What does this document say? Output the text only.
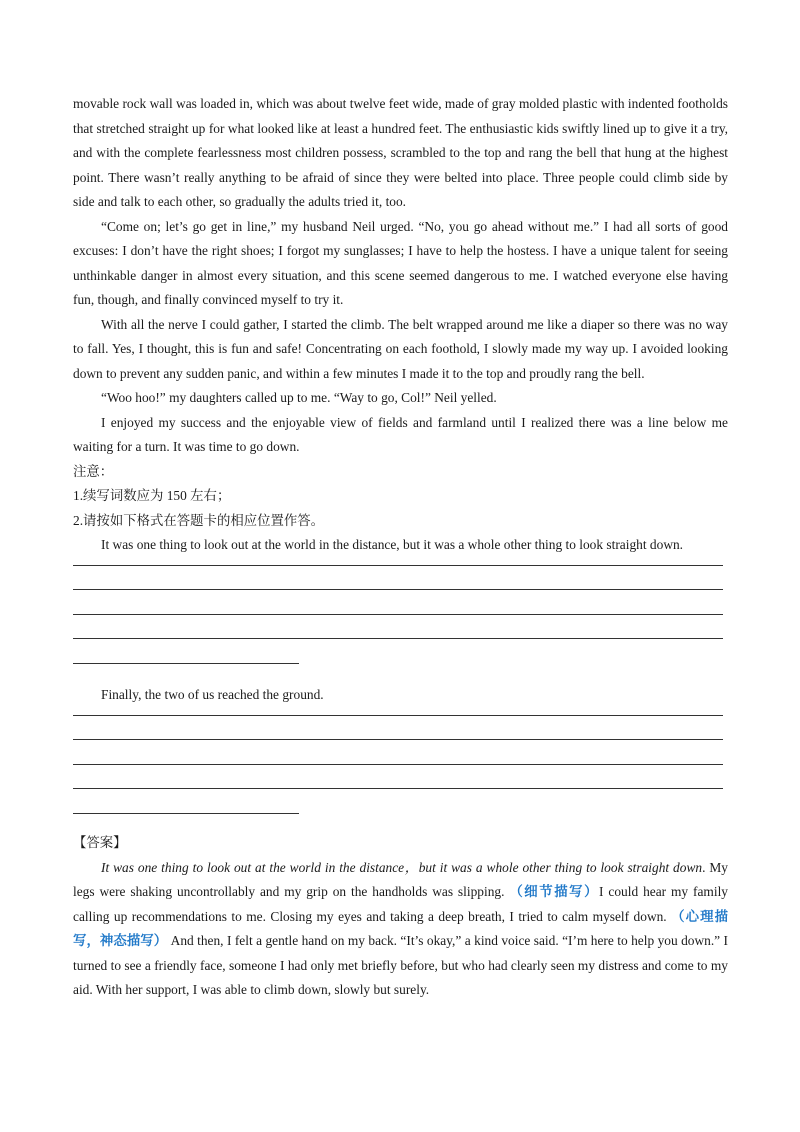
movable rock wall was loaded in, which was about twelve feet wide, made of gray molded plastic with indented footholds that stretched straight up for what looked like at least a hundred feet. The enthusiastic kids swiftly lined up to give it a try, and with the complete fearlessness most children possess, scrambled to the top and rang the bell that hung at the highest point. There wasn’t really anything to be afraid of since they were belted into place. Three people could climb side by side and talk to each other, so gradually the adults tried it, too.

“Come on; let’s go get in line,” my husband Neil urged. “No, you go ahead without me.” I had all sorts of good excuses: I don’t have the right shoes; I forgot my sunglasses; I have to help the hostess. I have a unique talent for seeing unthinkable danger in almost every situation, and this scene seemed dangerous to me. I watched everyone else having fun, though, and finally convinced myself to try it.

With all the nerve I could gather, I started the climb. The belt wrapped around me like a diaper so there was no way to fall. Yes, I thought, this is fun and safe! Concentrating on each foothold, I slowly made my way up. I avoided looking down to prevent any sudden panic, and within a few minutes I made it to the top and proudly rang the bell.

“Woo hoo!” my daughters called up to me. “Way to go, Col!” Neil yelled.

I enjoyed my success and the enjoyable view of fields and farmland until I realized there was a line below me waiting for a turn. It was time to go down.

注意：

1.续写词数应为 150 左右；

2.请按如下格式在答题卡的相应位置作答。

It was one thing to look out at the world in the distance, but it was a whole other thing to look straight down.

Finally, the two of us reached the ground.

【答案】

It was one thing to look out at the world in the distance，but it was a whole other thing to look straight down. My legs were shaking uncontrollably and my grip on the handholds was slipping. （细节描写）I could hear my family calling up recommendations to me. Closing my eyes and taking a deep breath, I tried to calm myself down. （心理描写，神态描写） And then, I felt a gentle hand on my back. “It’s okay,” a kind voice said. “I’m here to help you down.” I turned to see a friendly face, someone I had only met briefly before, but who had clearly seen my distress and come to my aid. With her support, I was able to climb down, slowly but surely.
